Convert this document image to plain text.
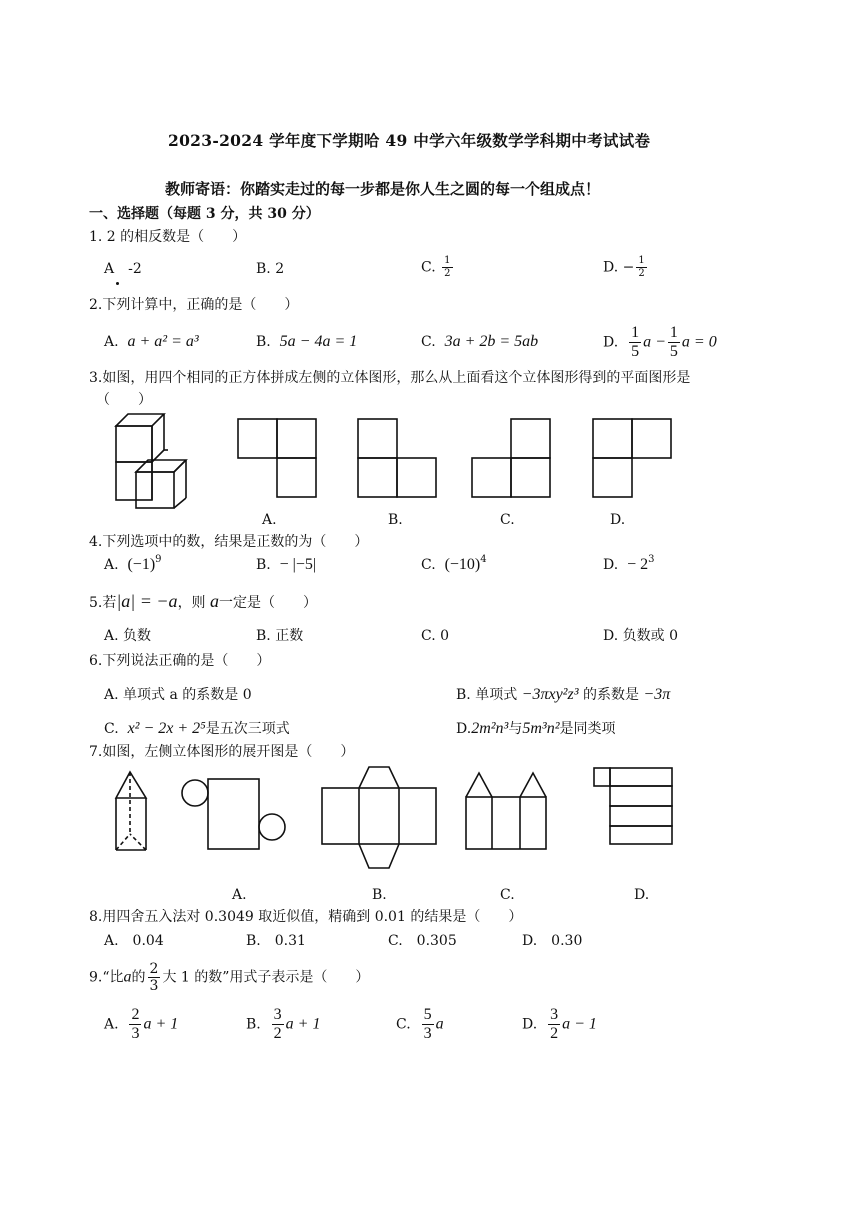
2023-2024 学年度下学期哈 49 中学六年级数学学科期中考试试卷
教师寄语：你踏实走过的每一步都是你人生之圆的每一个组成点！
一、选择题（每题 3 分，共 30 分）
1. 2 的相反数是（　　）
A　-2	B. 2	C. $\frac{1}{2}$	D. − $\frac{1}{2}$
2.下列计算中，正确的是（　　）
A. a + a² = a³	B. 5a − 4a = 1	C. 3a + 2b = 5ab	D. $\frac{1}{5}$ $a - \frac{1}{5}$ a = 0
3.如图，用四个相同的正方体拼成左侧的立体图形，那么从上面看这个立体图形得到的平面图形是
（　　）
A.	B.	C.	D.
4.下列选项中的数，结果是正数的为（　　）
A. $(-1)^9$	B. − |−5|	C. $(-10)^4$	D. − $2^3$
5.若|a| = −a，则 a一定是（　　）
A. 负数	B. 正数	C. 0	D. 负数或 0
6.下列说法正确的是（　　）
A. 单项式 a 的系数是 0	B. 单项式 −3πxy²z³ 的系数是 −3π
C. x² − 2x + 2⁵是五次三项式	D.2m²n³与5m³n²是同类项
7.如图，左侧立体图形的展开图是（　　）
A.	B.	C.	D.
8.用四舍五入法对 0.3049 取近似值，精确到 0.01 的结果是（　　）
A.　0.04	B.　0.31	C.　0.305	D.　0.30
9.“比a的 $\frac{2}{3}$ 大 1 的数”用式子表示是（　　）
A. $\frac{2}{3}$ a + 1	B. $\frac{3}{2}$ a + 1	C. $\frac{5}{3}$ a	D. $\frac{3}{2}$ a − 1
